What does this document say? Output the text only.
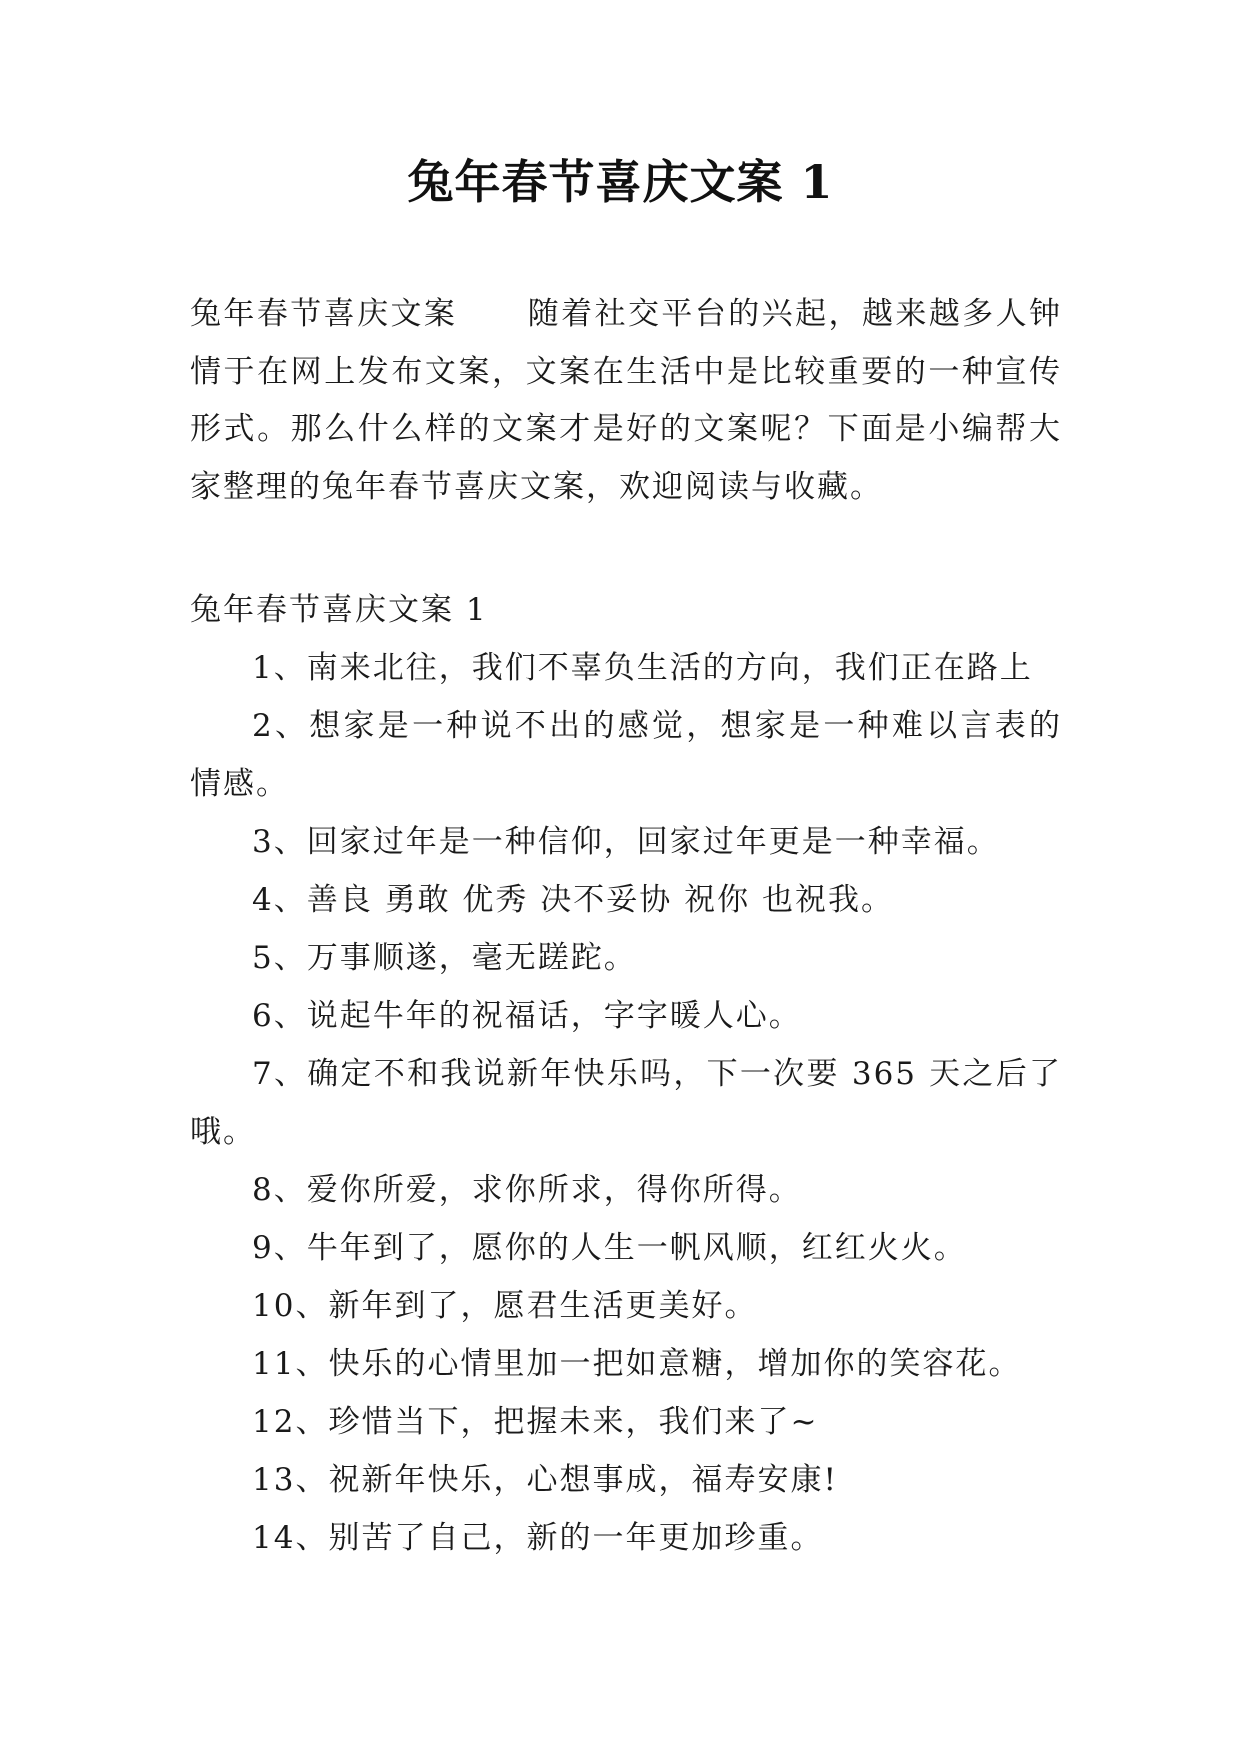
兔年春节喜庆文案 1

兔年春节喜庆文案 随着社交平台的兴起，越来越多人钟情于在网上发布文案，文案在生活中是比较重要的一种宣传形式。那么什么样的文案才是好的文案呢？下面是小编帮大家整理的兔年春节喜庆文案，欢迎阅读与收藏。

兔年春节喜庆文案 1

1、南来北往，我们不辜负生活的方向，我们正在路上
2、想家是一种说不出的感觉，想家是一种难以言表的情感。
3、回家过年是一种信仰，回家过年更是一种幸福。
4、善良 勇敢 优秀 决不妥协 祝你 也祝我。
5、万事顺遂，毫无蹉跎。
6、说起牛年的祝福话，字字暖人心。
7、确定不和我说新年快乐吗，下一次要 365 天之后了哦。
8、爱你所爱，求你所求，得你所得。
9、牛年到了，愿你的人生一帆风顺，红红火火。
10、新年到了，愿君生活更美好。
11、快乐的心情里加一把如意糖，增加你的笑容花。
12、珍惜当下，把握未来，我们来了~
13、祝新年快乐，心想事成，福寿安康!
14、别苦了自己，新的一年更加珍重。
